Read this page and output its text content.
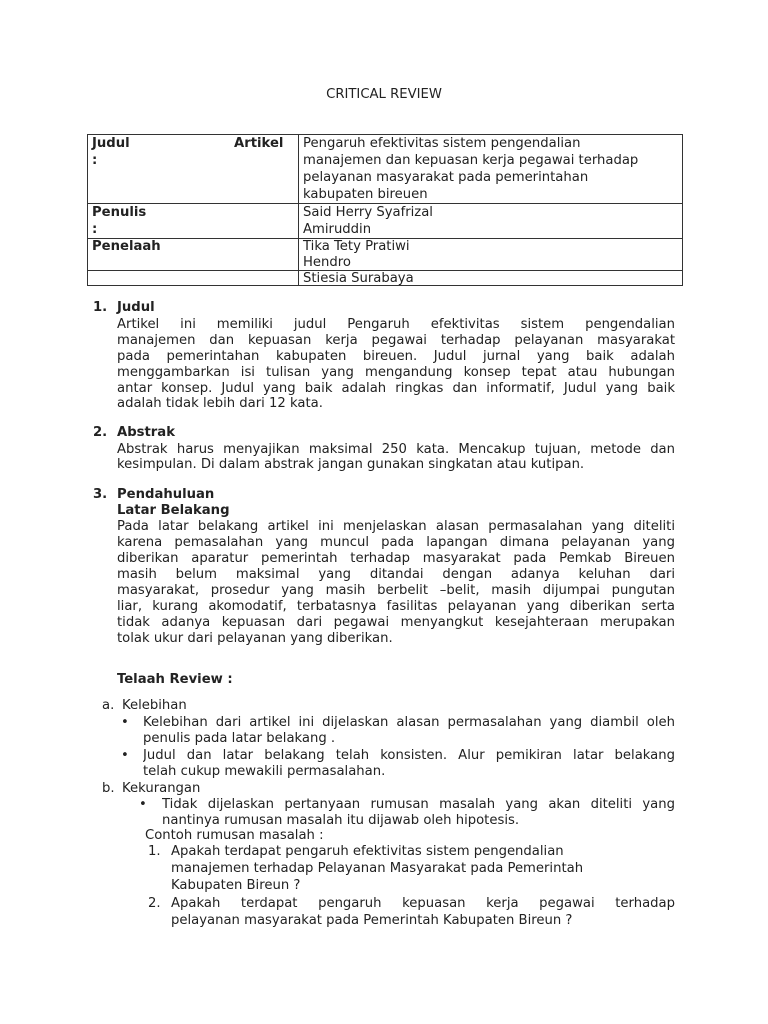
CRITICAL REVIEW
Judul	Artikel
:
Pengaruh efektivitas sistem pengendalian
manajemen dan kepuasan kerja pegawai terhadap
pelayanan masyarakat pada pemerintahan
kabupaten bireuen
Penulis
:
Said Herry Syafrizal
Amiruddin
Penelaah	Tika Tety Pratiwi
Hendro
Stiesia Surabaya
1. Judul
Artikel ini memiliki judul Pengaruh efektivitas sistem pengendalian
manajemen dan kepuasan kerja pegawai terhadap pelayanan masyarakat
pada pemerintahan kabupaten bireuen. Judul jurnal yang baik adalah
menggambarkan isi tulisan yang mengandung konsep tepat atau hubungan
antar konsep. Judul yang baik adalah ringkas dan informatif, Judul yang baik
adalah tidak lebih dari 12 kata.
2. Abstrak
Abstrak harus menyajikan maksimal 250 kata. Mencakup tujuan, metode dan
kesimpulan. Di dalam abstrak jangan gunakan singkatan atau kutipan.
3. Pendahuluan
Latar Belakang
Pada latar belakang artikel ini menjelaskan alasan permasalahan yang diteliti
karena pemasalahan yang muncul pada lapangan dimana pelayanan yang
diberikan aparatur pemerintah terhadap masyarakat pada Pemkab Bireuen
masih belum maksimal yang ditandai dengan adanya keluhan dari
masyarakat, prosedur yang masih berbelit –belit, masih dijumpai pungutan
liar, kurang akomodatif, terbatasnya fasilitas pelayanan yang diberikan serta
tidak adanya kepuasan dari pegawai menyangkut kesejahteraan merupakan
tolak ukur dari pelayanan yang diberikan.
Telaah Review :
a. Kelebihan
• Kelebihan dari artikel ini dijelaskan alasan permasalahan yang diambil oleh
penulis pada latar belakang .
• Judul dan latar belakang telah konsisten. Alur pemikiran latar belakang
telah cukup mewakili permasalahan.
b. Kekurangan
• Tidak dijelaskan pertanyaan rumusan masalah yang akan diteliti yang
nantinya rumusan masalah itu dijawab oleh hipotesis.
Contoh rumusan masalah :
1. Apakah terdapat pengaruh efektivitas sistem pengendalian
manajemen terhadap Pelayanan Masyarakat pada Pemerintah
Kabupaten Bireun ?
2. Apakah terdapat pengaruh kepuasan kerja pegawai terhadap
pelayanan masyarakat pada Pemerintah Kabupaten Bireun ?
